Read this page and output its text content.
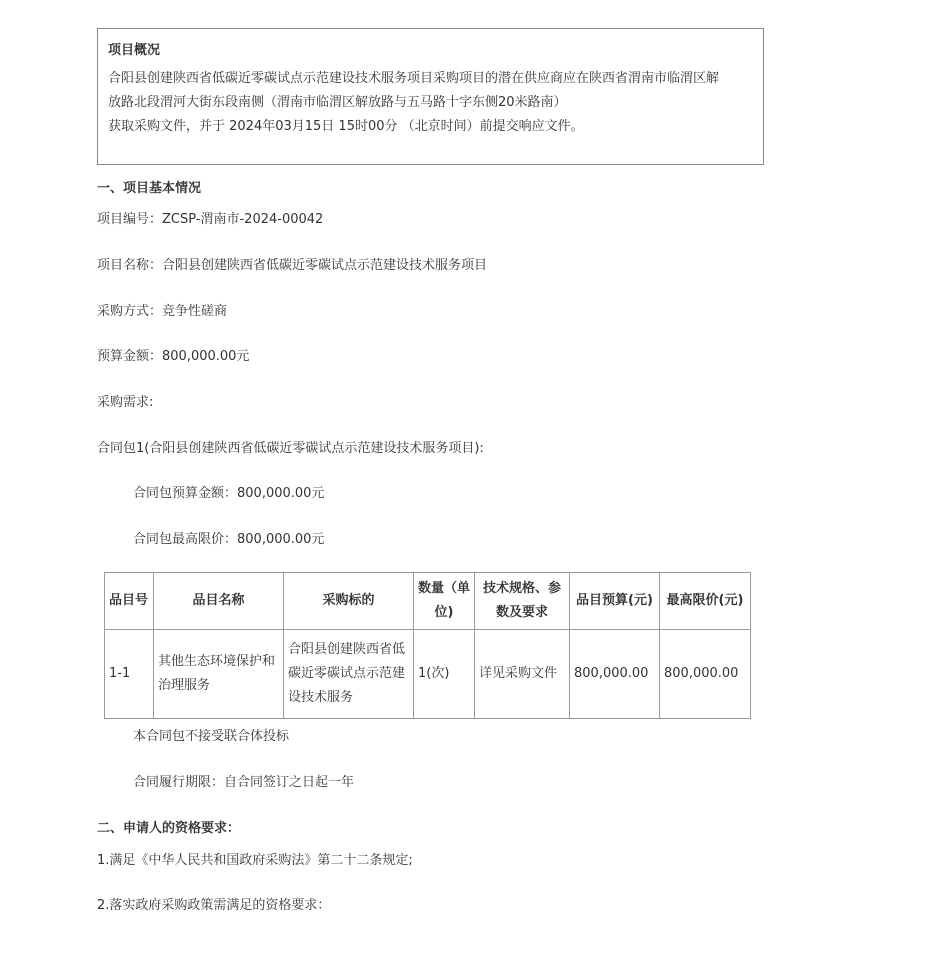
项目概况
合阳县创建陕西省低碳近零碳试点示范建设技术服务项目采购项目的潜在供应商应在陕西省渭南市临渭区解
放路北段渭河大街东段南侧（渭南市临渭区解放路与五马路十字东侧20米路南）
获取采购文件，并于 2024年03月15日 15时00分 （北京时间）前提交响应文件。
一、项目基本情况
项目编号：ZCSP-渭南市-2024-00042
项目名称：合阳县创建陕西省低碳近零碳试点示范建设技术服务项目
采购方式：竞争性磋商
预算金额：800,000.00元
采购需求:
合同包1(合阳县创建陕西省低碳近零碳试点示范建设技术服务项目):
合同包预算金额：800,000.00元
合同包最高限价：800,000.00元
品目号	品目名称	采购标的	数量（单位)	技术规格、参数及要求	品目预算(元)	最高限价(元)
1-1	其他生态环境保护和治理服务	合阳县创建陕西省低碳近零碳试点示范建设技术服务	1(次)	详见采购文件	800,000.00	800,000.00
本合同包不接受联合体投标
合同履行期限：自合同签订之日起一年
二、申请人的资格要求：
1.满足《中华人民共和国政府采购法》第二十二条规定;
2.落实政府采购政策需满足的资格要求：
